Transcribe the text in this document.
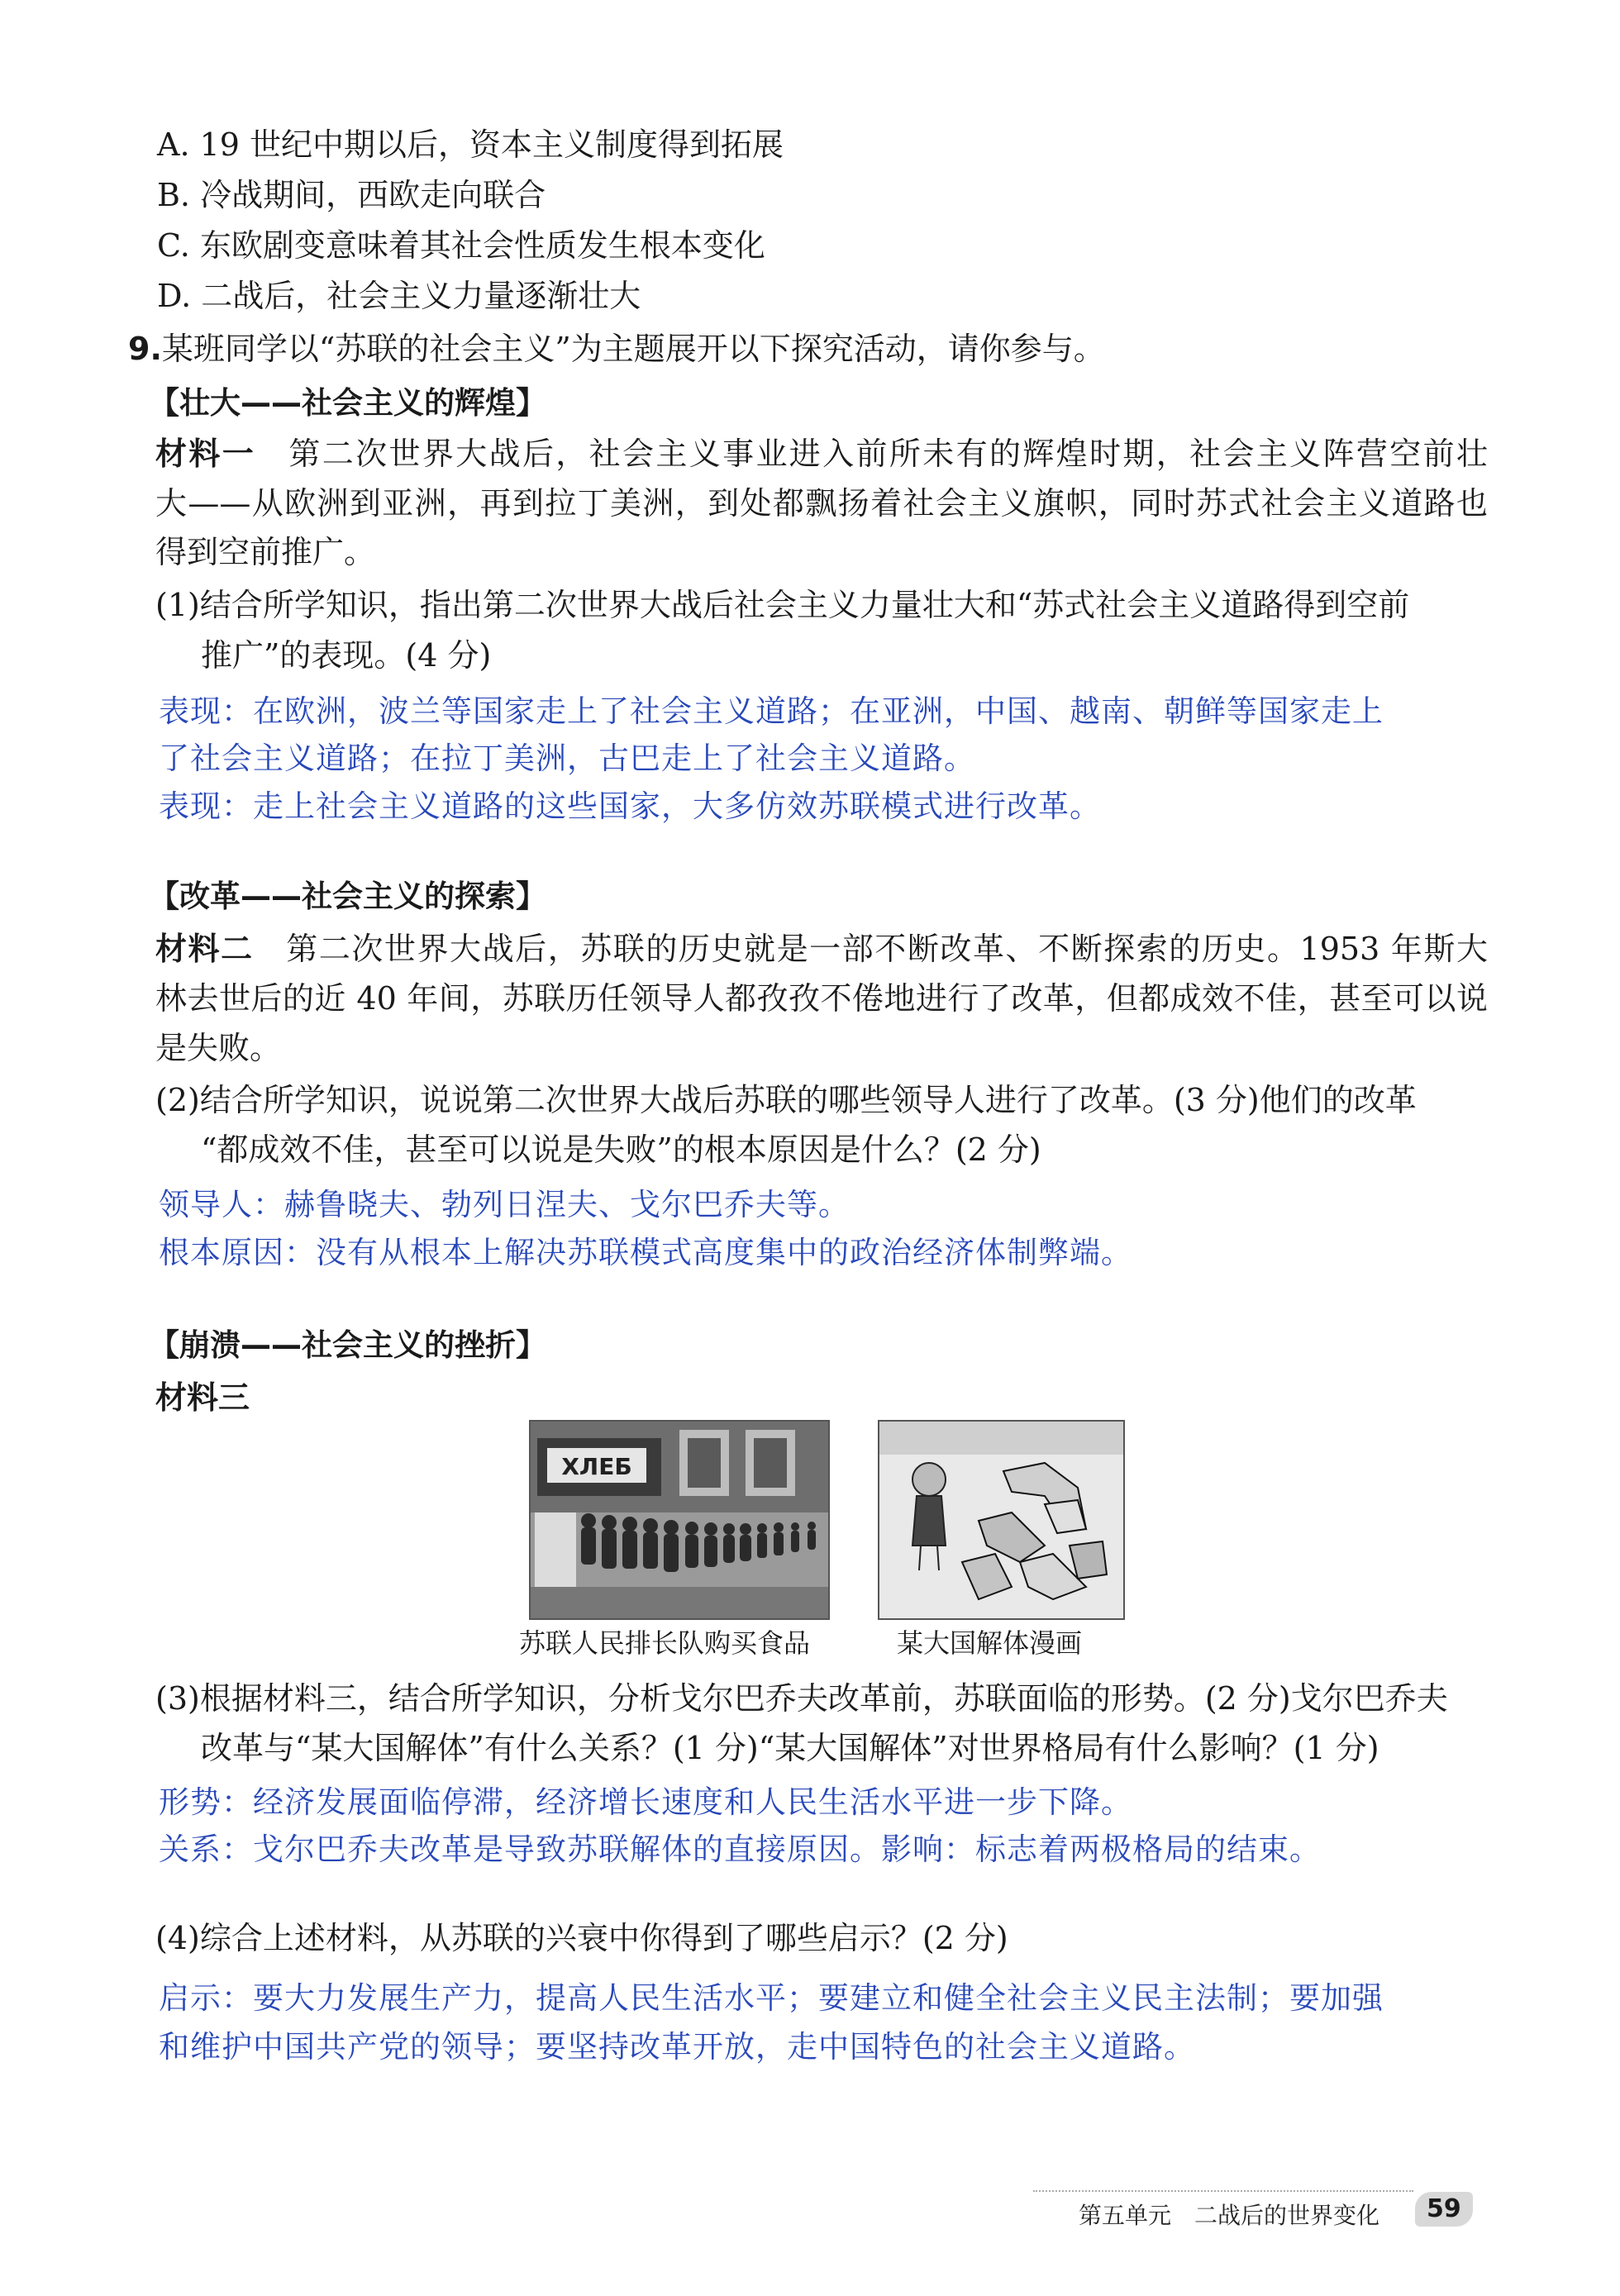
A. 19 世纪中期以后，资本主义制度得到拓展
B. 冷战期间，西欧走向联合
C. 东欧剧变意味着其社会性质发生根本变化
D. 二战后，社会主义力量逐渐壮大
9.某班同学以“苏联的社会主义”为主题展开以下探究活动，请你参与。
【壮大——社会主义的辉煌】
材料一  第二次世界大战后，社会主义事业进入前所未有的辉煌时期，社会主义阵营空前壮
大——从欧洲到亚洲，再到拉丁美洲，到处都飘扬着社会主义旗帜，同时苏式社会主义道路也
得到空前推广。
(1)结合所学知识，指出第二次世界大战后社会主义力量壮大和“苏式社会主义道路得到空前
推广”的表现。(4 分)
表现：在欧洲，波兰等国家走上了社会主义道路；在亚洲，中国、越南、朝鲜等国家走上
了社会主义道路；在拉丁美洲，古巴走上了社会主义道路。
表现：走上社会主义道路的这些国家，大多仿效苏联模式进行改革。
【改革——社会主义的探索】
材料二  第二次世界大战后，苏联的历史就是一部不断改革、不断探索的历史。1953 年斯大
林去世后的近 40 年间，苏联历任领导人都孜孜不倦地进行了改革，但都成效不佳，甚至可以说
是失败。
(2)结合所学知识，说说第二次世界大战后苏联的哪些领导人进行了改革。(3 分)他们的改革
“都成效不佳，甚至可以说是失败”的根本原因是什么？(2 分)
领导人：赫鲁晓夫、勃列日涅夫、戈尔巴乔夫等。
根本原因：没有从根本上解决苏联模式高度集中的政治经济体制弊端。
【崩溃——社会主义的挫折】
材料三
ХЛЕБ
苏联人民排长队购买食品	某大国解体漫画
(3)根据材料三，结合所学知识，分析戈尔巴乔夫改革前，苏联面临的形势。(2 分)戈尔巴乔夫
改革与“某大国解体”有什么关系？(1 分)“某大国解体”对世界格局有什么影响？(1 分)
形势：经济发展面临停滞，经济增长速度和人民生活水平进一步下降。
关系：戈尔巴乔夫改革是导致苏联解体的直接原因。影响：标志着两极格局的结束。
(4)综合上述材料，从苏联的兴衰中你得到了哪些启示？(2 分)
启示：要大力发展生产力，提高人民生活水平；要建立和健全社会主义民主法制；要加强
和维护中国共产党的领导；要坚持改革开放，走中国特色的社会主义道路。
第五单元　二战后的世界变化	59
